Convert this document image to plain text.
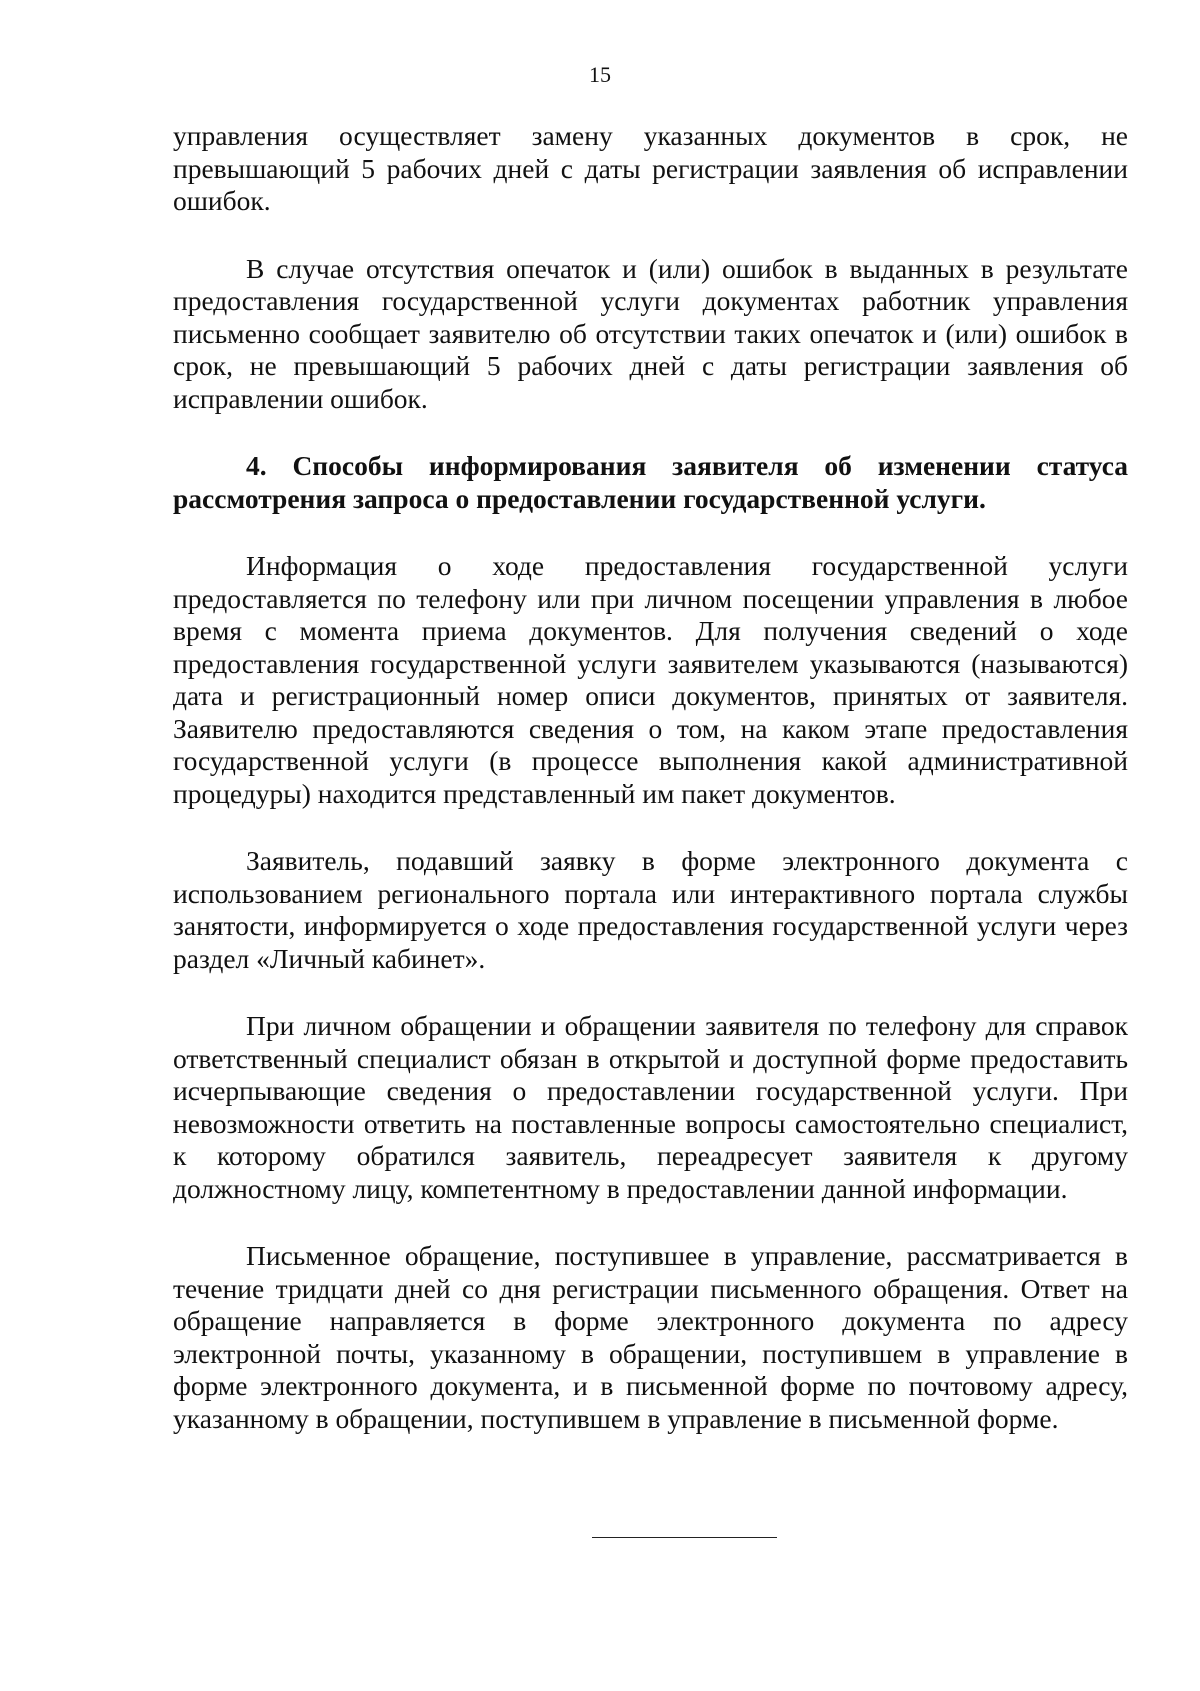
15

управления осуществляет замену указанных документов в срок, не превышающий 5 рабочих дней с даты регистрации заявления об исправлении ошибок.

В случае отсутствия опечаток и (или) ошибок в выданных в результате предоставления государственной услуги документах работник управления письменно сообщает заявителю об отсутствии таких опечаток и (или) ошибок в срок, не превышающий 5 рабочих дней с даты регистрации заявления об исправлении ошибок.

4. Способы информирования заявителя об изменении статуса рассмотрения запроса о предоставлении государственной услуги.

Информация о ходе предоставления государственной услуги предоставляется по телефону или при личном посещении управления в любое время с момента приема документов. Для получения сведений о ходе предоставления государственной услуги заявителем указываются (называются) дата и регистрационный номер описи документов, принятых от заявителя. Заявителю предоставляются сведения о том, на каком этапе предоставления государственной услуги (в процессе выполнения какой административной процедуры) находится представленный им пакет документов.

Заявитель, подавший заявку в форме электронного документа с использованием регионального портала или интерактивного портала службы занятости, информируется о ходе предоставления государственной услуги через раздел «Личный кабинет».

При личном обращении и обращении заявителя по телефону для справок ответственный специалист обязан в открытой и доступной форме предоставить исчерпывающие сведения о предоставлении государственной услуги. При невозможности ответить на поставленные вопросы самостоятельно специалист, к которому обратился заявитель, переадресует заявителя к другому должностному лицу, компетентному в предоставлении данной информации.

Письменное обращение, поступившее в управление, рассматривается в течение тридцати дней со дня регистрации письменного обращения. Ответ на обращение направляется в форме электронного документа по адресу электронной почты, указанному в обращении, поступившем в управление в форме электронного документа, и в письменной форме по почтовому адресу, указанному в обращении, поступившем в управление в письменной форме.
